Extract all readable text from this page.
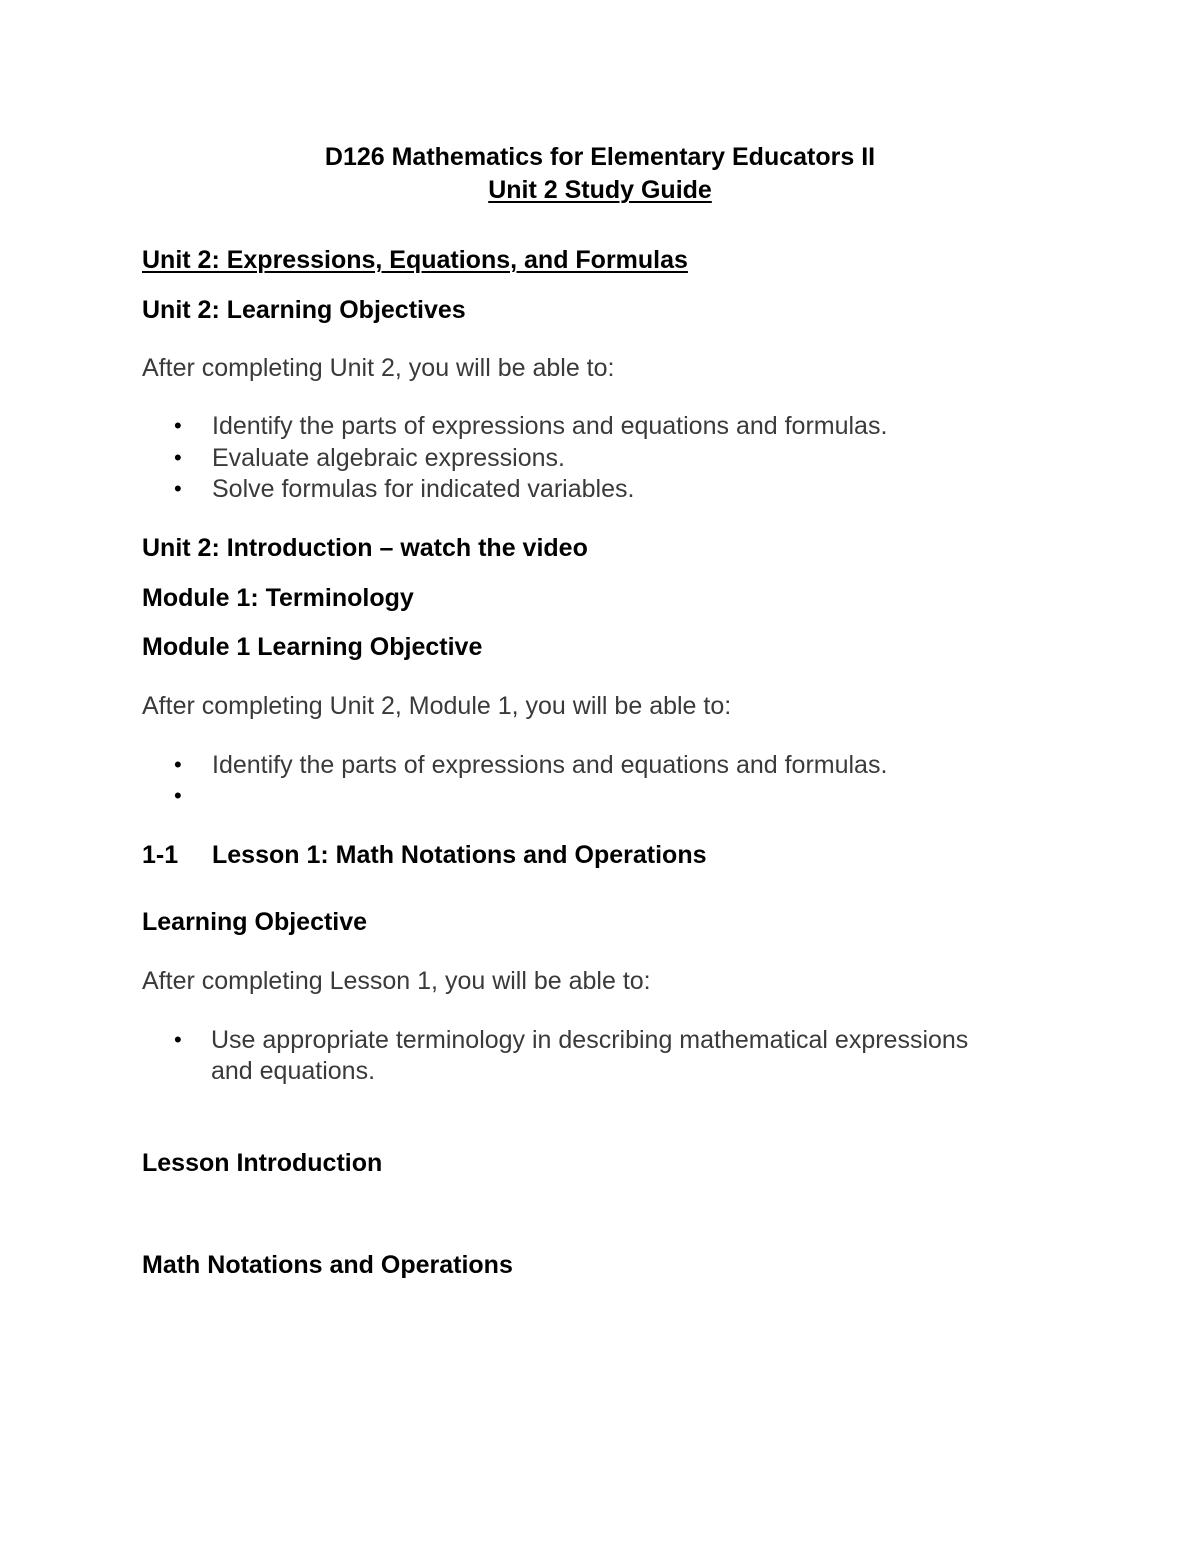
D126 Mathematics for Elementary Educators II
Unit 2 Study Guide
Unit 2: Expressions, Equations, and Formulas
Unit 2: Learning Objectives
After completing Unit 2, you will be able to:
• Identify the parts of expressions and equations and formulas.
• Evaluate algebraic expressions.
• Solve formulas for indicated variables.
Unit 2: Introduction – watch the video
Module 1: Terminology
Module 1 Learning Objective
After completing Unit 2, Module 1, you will be able to:
• Identify the parts of expressions and equations and formulas.
•
1-1 Lesson 1: Math Notations and Operations
Learning Objective
After completing Lesson 1, you will be able to:
• Use appropriate terminology in describing mathematical expressions
and equations.
Lesson Introduction
Math Notations and Operations
